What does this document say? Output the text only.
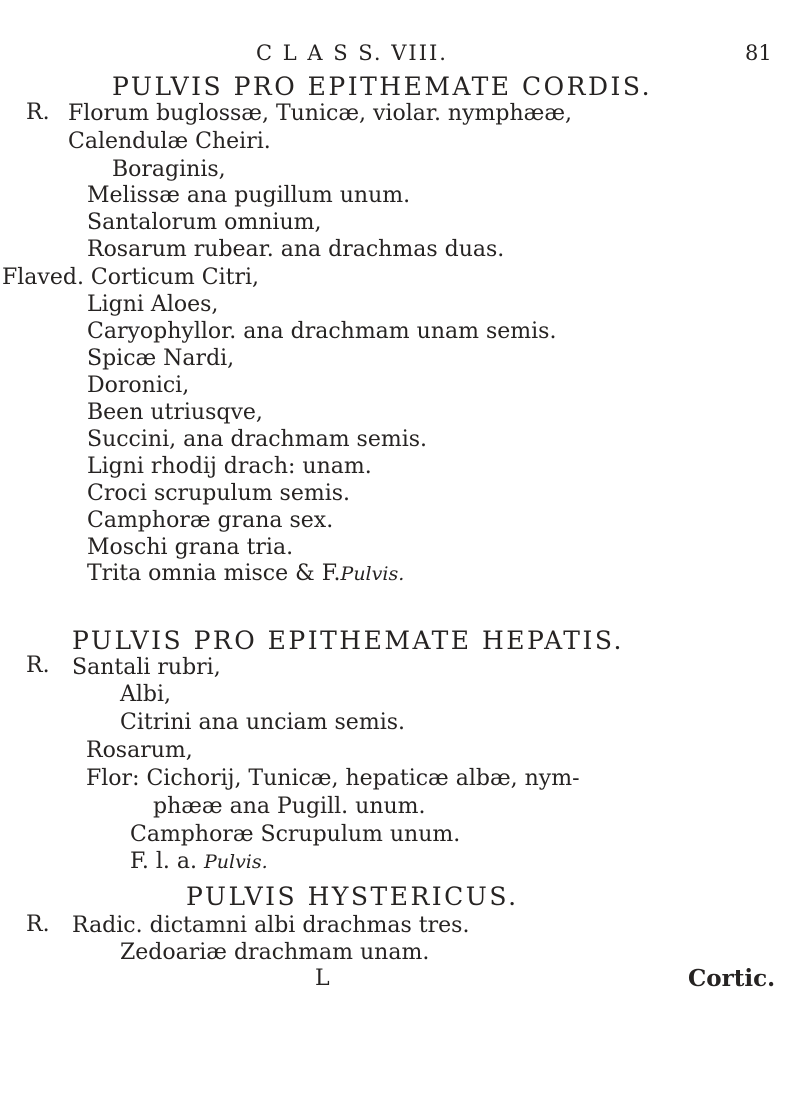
C L A S S. VIII.	81
PULVIS PRO EPITHEMATE CORDIS.
R. Florum buglossæ, Tunicæ, violar. nymphææ,
Calendulæ Cheiri.
Boraginis,
Melissæ ana pugillum unum.
Santalorum omnium,
Rosarum rubear. ana drachmas duas.
Flaved. Corticum Citri,
Ligni Aloes,
Caryophyllor. ana drachmam unam semis.
Spicæ Nardi,
Doronici,
Been utriusqve,
Succini, ana drachmam semis.
Ligni rhodij drach: unam.
Croci scrupulum semis.
Camphoræ grana sex.
Moschi grana tria.
Trita omnia misce & F.Pulvis.
PULVIS PRO EPITHEMATE HEPATIS.
R. Santali rubri,
Albi,
Citrini ana unciam semis.
Rosarum,
Flor: Cichorij, Tunicæ, hepaticæ albæ, nym-
phææ ana Pugill. unum.
Camphoræ Scrupulum unum.
F. l. a. Pulvis.
PULVIS HYSTERICUS.
R. Radic. dictamni albi drachmas tres.
Zedoariæ drachmam unam.
L	Cortic.
